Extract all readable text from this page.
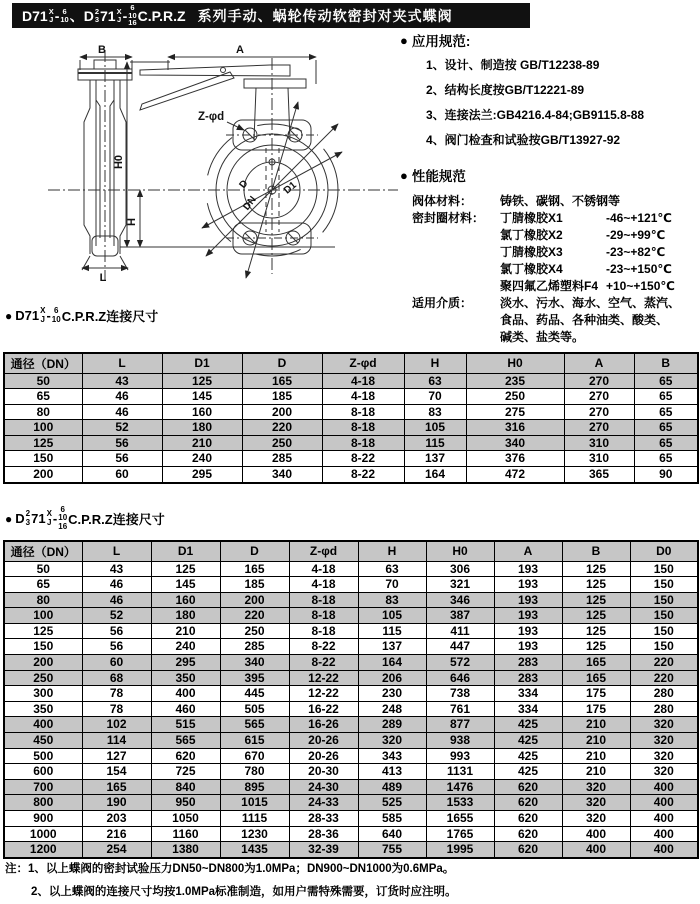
D71 X
J - 6
10 、 D 2
3 71 X
J -
6
10
16 C.P.R.Z 系列手动、蜗轮传动软密封对夹式蝶阀
B	A
H0
H
L
Z-φd
D
DN
D1
● 应用规范:
1、设计、制造按 GB/T12238-89
2、结构长度按GB/T12221-89
3、连接法兰:GB4216.4-84;GB9115.8-88
4、阀门检查和试验按GB/T13927-92
● 性能规范
阀体材料：	铸铁、碳钢、不锈钢等
密封圈材料：	丁腈橡胶X1	-46~+121℃
氯丁橡胶X2	-29~+99℃
丁腈橡胶X3	-23~+82℃
氯丁橡胶X4	-23~+150℃
聚四氟乙烯塑料F4 +10~+150℃
适用介质：	淡水、污水、海水、空气、蒸汽、
食品、药品、各种油类、酸类、
碱类、盐类等。
● D71 X
J - 6
10 C.P.R.Z连接尺寸
通径（DN）	L	D1	D	Z-φd	H	H0	A	B
50	43	125	165	4-18	63	235	270	65
65	46	145	185	4-18	70	250	270	65
80	46	160	200	8-18	83	275	270	65
100	52	180	220	8-18	105	316	270	65
125	56	210	250	8-18	115	340	310	65
150	56	240	285	8-22	137	376	310	65
200	60	295	340	8-22	164	472	365	90
● D 2
3 71 X
J -
6
10
16 C.P.R.Z连接尺寸
通径（DN）	L	D1	D	Z-φd	H	H0	A	B	D0
50	43	125	165	4-18	63	306	193	125	150
65	46	145	185	4-18	70	321	193	125	150
80	46	160	200	8-18	83	346	193	125	150
100	52	180	220	8-18	105	387	193	125	150
125	56	210	250	8-18	115	411	193	125	150
150	56	240	285	8-22	137	447	193	125	150
200	60	295	340	8-22	164	572	283	165	220
250	68	350	395	12-22	206	646	283	165	220
300	78	400	445	12-22	230	738	334	175	280
350	78	460	505	16-22	248	761	334	175	280
400	102	515	565	16-26	289	877	425	210	320
450	114	565	615	20-26	320	938	425	210	320
500	127	620	670	20-26	343	993	425	210	320
600	154	725	780	20-30	413	1131	425	210	320
700	165	840	895	24-30	489	1476	620	320	400
800	190	950	1015	24-33	525	1533	620	320	400
900	203	1050	1115	28-33	585	1655	620	320	400
1000	216	1160	1230	28-36	640	1765	620	400	400
1200	254	1380	1435	32-39	755	1995	620	400	400
注：1、以上蝶阀的密封试验压力DN50~DN800为1.0MPa；DN900~DN1000为0.6MPa。
2、以上蝶阀的连接尺寸均按1.0MPa标准制造，如用户需特殊需要，订货时应注明。
